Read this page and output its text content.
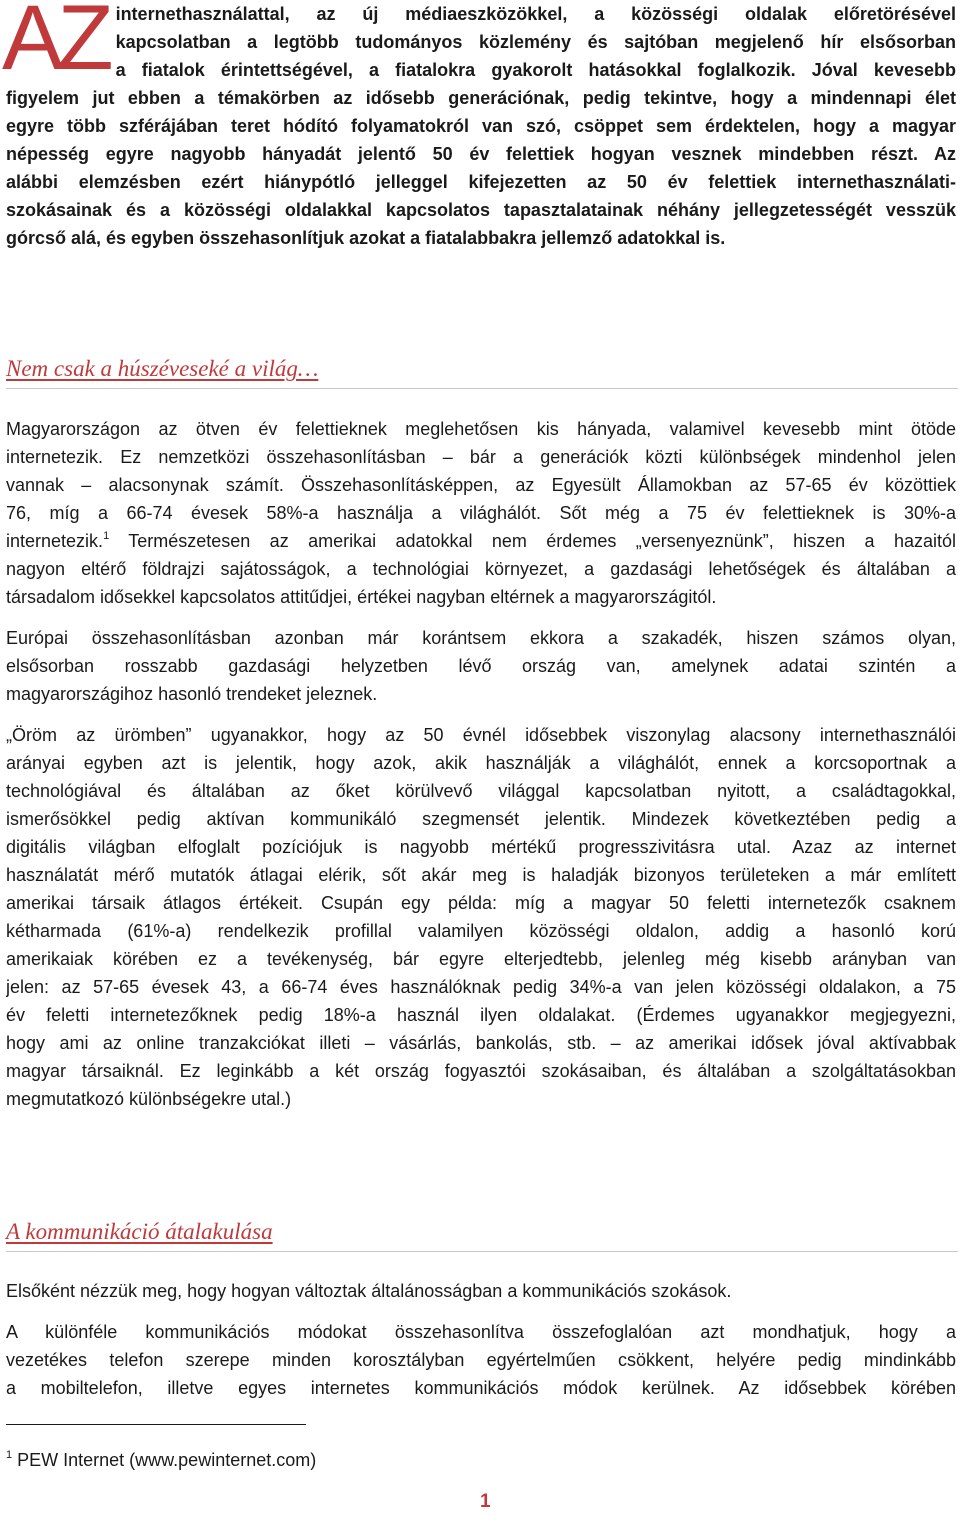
AZ internethasználattal, az új médiaeszközökkel, a közösségi oldalak előretörésével
kapcsolatban a legtöbb tudományos közlemény és sajtóban megjelenő hír elsősorban
a fiatalok érintettségével, a fiatalokra gyakorolt hatásokkal foglalkozik. Jóval kevesebb
figyelem jut ebben a témakörben az idősebb generációnak, pedig tekintve, hogy a mindennapi élet
egyre több szférájában teret hódító folyamatokról van szó, csöppet sem érdektelen, hogy a magyar
népesség egyre nagyobb hányadát jelentő 50 év felettiek hogyan vesznek mindebben részt. Az
alábbi elemzésben ezért hiánypótló jelleggel kifejezetten az 50 év felettiek internethasználati-
szokásainak és a közösségi oldalakkal kapcsolatos tapasztalatainak néhány jellegzetességét vesszük
górcső alá, és egyben összehasonlítjuk azokat a fiatalabbakra jellemző adatokkal is.
Nem csak a húszéveseké a világ…
Magyarországon az ötven év felettieknek meglehetősen kis hányada, valamivel kevesebb mint ötöde
internetezik. Ez nemzetközi összehasonlításban – bár a generációk közti különbségek mindenhol jelen
vannak – alacsonynak számít. Összehasonlításképpen, az Egyesült Államokban az 57-65 év közöttiek
76, míg a 66-74 évesek 58%-a használja a világhálót. Sőt még a 75 év felettieknek is 30%-a
internetezik.$^1$ Természetesen az amerikai adatokkal nem érdemes „versenyeznünk”, hiszen a hazaitól
nagyon eltérő földrajzi sajátosságok, a technológiai környezet, a gazdasági lehetőségek és általában a
társadalom idősekkel kapcsolatos attitűdjei, értékei nagyban eltérnek a magyarországitól.
Európai összehasonlításban azonban már korántsem ekkora a szakadék, hiszen számos olyan,
elsősorban rosszabb gazdasági helyzetben lévő ország van, amelynek adatai szintén a
magyarországihoz hasonló trendeket jeleznek.
„Öröm az ürömben” ugyanakkor, hogy az 50 évnél idősebbek viszonylag alacsony internethasználói
arányai egyben azt is jelentik, hogy azok, akik használják a világhálót, ennek a korcsoportnak a
technológiával és általában az őket körülvevő világgal kapcsolatban nyitott, a családtagokkal,
ismerősökkel pedig aktívan kommunikáló szegmensét jelentik. Mindezek következtében pedig a
digitális világban elfoglalt pozíciójuk is nagyobb mértékű progresszivitásra utal. Azaz az internet
használatát mérő mutatók átlagai elérik, sőt akár meg is haladják bizonyos területeken a már említett
amerikai társaik átlagos értékeit. Csupán egy példa: míg a magyar 50 feletti internetezők csaknem
kétharmada (61%-a) rendelkezik profillal valamilyen közösségi oldalon, addig a hasonló korú
amerikaiak körében ez a tevékenység, bár egyre elterjedtebb, jelenleg még kisebb arányban van
jelen: az 57-65 évesek 43, a 66-74 éves használóknak pedig 34%-a van jelen közösségi oldalakon, a 75
év feletti internetezőknek pedig 18%-a használ ilyen oldalakat. (Érdemes ugyanakkor megjegyezni,
hogy ami az online tranzakciókat illeti – vásárlás, bankolás, stb. – az amerikai idősek jóval aktívabbak
magyar társaiknál. Ez leginkább a két ország fogyasztói szokásaiban, és általában a szolgáltatásokban
megmutatkozó különbségekre utal.)
A kommunikáció átalakulása
Elsőként nézzük meg, hogy hogyan változtak általánosságban a kommunikációs szokások.
A különféle kommunikációs módokat összehasonlítva összefoglalóan azt mondhatjuk, hogy a
vezetékes telefon szerepe minden korosztályban egyértelműen csökkent, helyére pedig mindinkább
a mobiltelefon, illetve egyes internetes kommunikációs módok kerülnek. Az idősebbek körében
$^1$ PEW Internet (www.pewinternet.com)
1
